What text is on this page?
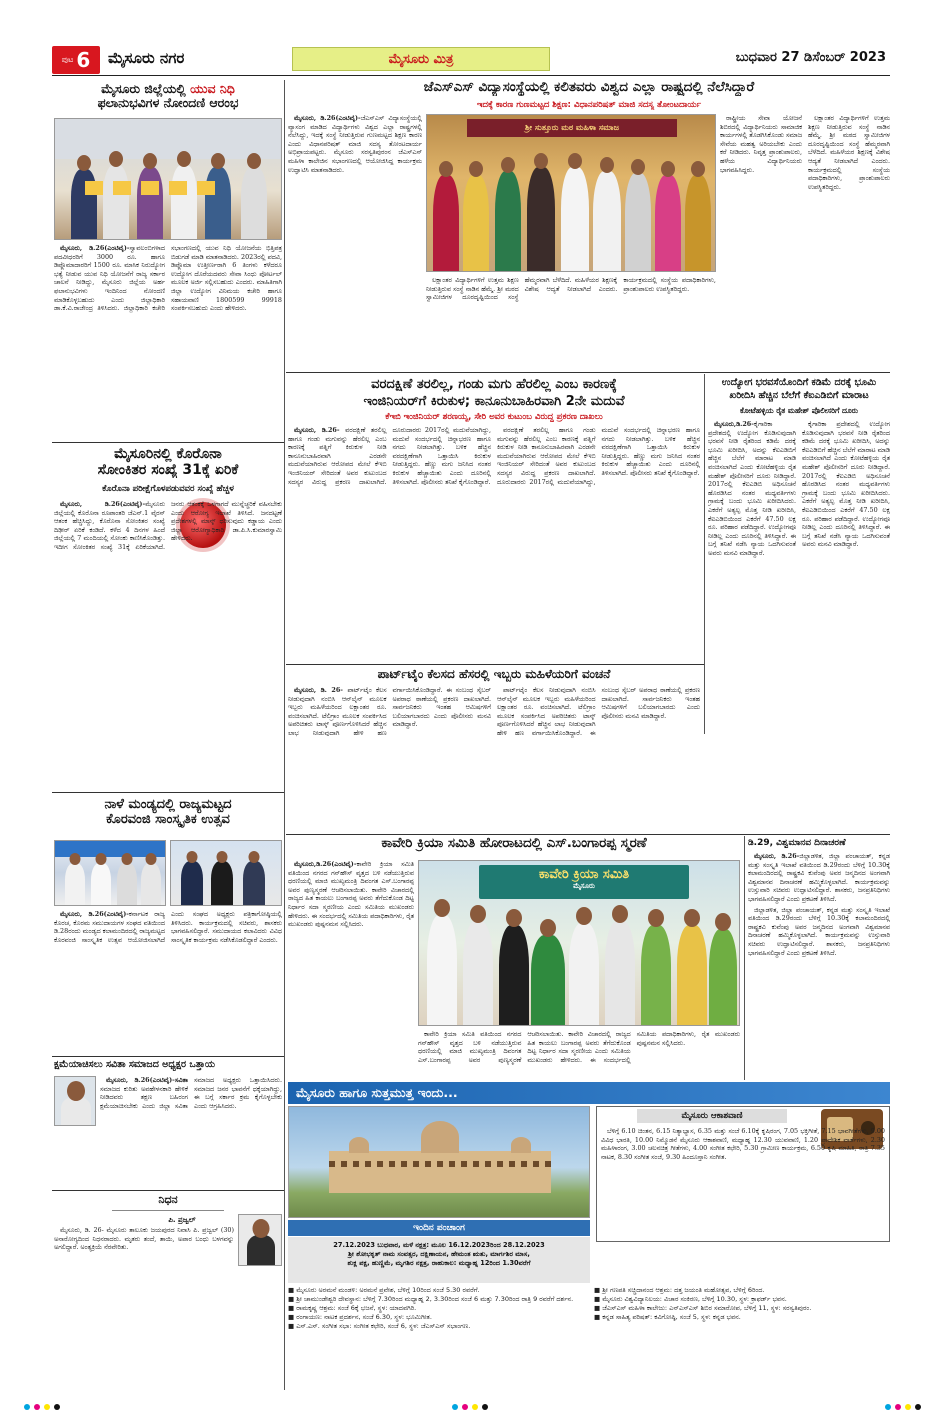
ಪುಟ 6 ಮೈಸೂರು ನಗರ	ಮೈಸೂರು ಮಿತ್ರ	ಬುಧವಾರ 27 ಡಿಸೆಂಬರ್ 2023
ಮೈಸೂರು ಜಿಲ್ಲೆಯಲ್ಲಿ ಯುವ ನಿಧಿ
ಫಲಾನುಭವಿಗಳ ನೋಂದಣಿ ಆರಂಭ

ಮೈಸೂರು, ಡಿ.26(ಎಂಟಿವೈ)-ಸ್ವಾವಲಂಬಿಗಳಾದ ಪದವೀಧರರಿಗೆ 3000 ರೂ. ಹಾಗೂ ಡಿಪ್ಲೊಮಾದಾರರಿಗೆ 1500 ರೂ. ಮಾಸಿಕ ನಿರುದ್ಯೋಗ ಭತ್ಯೆ ನೀಡುವ ಯುವ ನಿಧಿ ಯೋಜನೆಗೆ ರಾಜ್ಯ ಸರ್ಕಾರ ಚಾಲನೆ ನೀಡಿದ್ದು, ಮೈಸೂರು ಜಿಲ್ಲೆಯ ಅರ್ಹ ಫಲಾನುಭವಿಗಳು ಇಂದಿನಿಂದ ನೋಂದಣಿ ಮಾಡಿಕೊಳ್ಳಬಹುದು ಎಂದು ಜಿಲ್ಲಾಧಿಕಾರಿ ಡಾ.ಕೆ.ವಿ.ರಾಜೇಂದ್ರ ತಿಳಿಸಿದರು. ಜಿಲ್ಲಾಧಿಕಾರಿ ಕಚೇರಿ ಸಭಾಂಗಣದಲ್ಲಿ ಯುವ ನಿಧಿ ಯೋಜನೆಯ ಭಿತ್ತಿಪತ್ರ ಬಿಡುಗಡೆ ಮಾಡಿ ಮಾತನಾಡಿದರು. 2023ರಲ್ಲಿ ಪದವಿ, ಡಿಪ್ಲೊಮಾ ಉತ್ತೀರ್ಣರಾಗಿ 6 ತಿಂಗಳು ಕಳೆದರೂ ಉದ್ಯೋಗ ದೊರೆಯದವರು ಸೇವಾ ಸಿಂಧು ಪೋರ್ಟಲ್ ಮೂಲಕ ಅರ್ಜಿ ಸಲ್ಲಿಸಬಹುದು ಎಂದರು. ಮಾಹಿತಿಗಾಗಿ ಜಿಲ್ಲಾ ಉದ್ಯೋಗ ವಿನಿಮಯ ಕಚೇರಿ ಹಾಗೂ ಸಹಾಯವಾಣಿ 1800599 99918 ಸಂಪರ್ಕಿಸಬಹುದು ಎಂದು ಹೇಳಿದರು.

ಮೈಸೂರಿನಲ್ಲಿ ಕೊರೊನಾ
ಸೋಂಕಿತರ ಸಂಖ್ಯೆ 31ಕ್ಕೆ ಏರಿಕೆ
ಕೊರೊನಾ ಪರೀಕ್ಷೆಗೊಳಪಡುವವರ ಸಂಖ್ಯೆ ಹೆಚ್ಚಳ

ಮೈಸೂರು, ಡಿ.26(ಎಂಟಿವೈ)-ಮೈಸೂರು ಜಿಲ್ಲೆಯಲ್ಲಿ ಕೊರೊನಾ ರೂಪಾಂತರಿ ಜೆಎನ್.1 ವೈರಸ್ ಆತಂಕ ಹೆಚ್ಚಿಸಿದ್ದು, ಕೊರೊನಾ ಸೋಂಕಿತರ ಸಂಖ್ಯೆ ದಿಢೀರ್ ಏರಿಕೆ ಕಂಡಿದೆ. ಕಳೆದ 4 ದಿನಗಳ ಹಿಂದೆ ಜಿಲ್ಲೆಯಲ್ಲಿ 7 ಮಂದಿಯಲ್ಲಿ ಸೋಂಕು ಕಾಣಿಸಿಕೊಂಡಿತ್ತು. ಇದೀಗ ಸೋಂಕಿತರ ಸಂಖ್ಯೆ 31ಕ್ಕೆ ಏರಿಕೆಯಾಗಿದೆ. ಜನರು ಆತಂಕಕ್ಕೆ ಒಳಗಾಗದೆ ಮುನ್ನೆಚ್ಚರಿಕೆ ವಹಿಸಬೇಕು ಎಂದು ಆರೋಗ್ಯ ಇಲಾಖೆ ತಿಳಿಸಿದೆ. ಜನದಟ್ಟಣೆ ಪ್ರದೇಶಗಳಲ್ಲಿ ಮಾಸ್ಕ್ ಧರಿಸುವುದು ಕಡ್ಡಾಯ ಎಂದು ಜಿಲ್ಲಾ ಆರೋಗ್ಯಾಧಿಕಾರಿ ಡಾ.ಪಿ.ಸಿ.ಕುಮಾರಸ್ವಾಮಿ ಹೇಳಿದರು.

ನಾಳೆ ಮಂಡ್ಯದಲ್ಲಿ ರಾಜ್ಯಮಟ್ಟದ
ಕೊರವಂಜಿ ಸಾಂಸ್ಕೃತಿಕ ಉತ್ಸವ

ಮೈಸೂರು, ಡಿ.26(ಎಂಟಿವೈ)-ಕರ್ನಾಟಕ ರಾಜ್ಯ ಕೊರಚ, ಕೊರಮ ಸಮುದಾಯಗಳ ಸಂಘದ ವತಿಯಿಂದ ಡಿ.28ರಂದು ಮಂಡ್ಯದ ಕಲಾಮಂದಿರದಲ್ಲಿ ರಾಜ್ಯಮಟ್ಟದ ಕೊರವಂಜಿ ಸಾಂಸ್ಕೃತಿಕ ಉತ್ಸವ ಆಯೋಜಿಸಲಾಗಿದೆ ಎಂದು ಸಂಘದ ಅಧ್ಯಕ್ಷರು ಪತ್ರಿಕಾಗೋಷ್ಠಿಯಲ್ಲಿ ತಿಳಿಸಿದರು. ಕಾರ್ಯಕ್ರಮದಲ್ಲಿ ಸಚಿವರು, ಶಾಸಕರು ಭಾಗವಹಿಸಲಿದ್ದಾರೆ. ಸಮುದಾಯದ ಕಲಾವಿದರು ವಿವಿಧ ಸಾಂಸ್ಕೃತಿಕ ಕಾರ್ಯಕ್ರಮ ನಡೆಸಿಕೊಡಲಿದ್ದಾರೆ ಎಂದರು.

ಕ್ಷಮೆಯಾಚಿಸಲು ಸವಿತಾ ಸಮಾಜದ ಅಧ್ಯಕ್ಷರ ಒತ್ತಾಯ

ಮೈಸೂರು, ಡಿ.26(ಎಂಟಿವೈ)-ಸವಿತಾ ಸಮಾಜದ ಕುರಿತು ಅವಹೇಳನಕಾರಿ ಹೇಳಿಕೆ ನೀಡಿದವರು ತಕ್ಷಣ ಬಹಿರಂಗ ಕ್ಷಮೆಯಾಚಿಸಬೇಕು ಎಂದು ಜಿಲ್ಲಾ ಸವಿತಾ ಸಮಾಜದ ಅಧ್ಯಕ್ಷರು ಒತ್ತಾಯಿಸಿದರು. ಸಮಾಜದ ಜನರ ಭಾವನೆಗೆ ಧಕ್ಕೆಯಾಗಿದ್ದು, ಈ ಬಗ್ಗೆ ಸರ್ಕಾರ ಕ್ರಮ ಕೈಗೊಳ್ಳಬೇಕು ಎಂದು ಆಗ್ರಹಿಸಿದರು.

ನಿಧನ
ಪಿ. ಪ್ರಜ್ವಲ್

ಮೈಸೂರು, ಡಿ. 26- ಮೈಸೂರು ತಾಲೂಕು ಜಯಪುರದ ನಿವಾಸಿ ಪಿ. ಪ್ರಜ್ವಲ್ (30) ಅನಾರೋಗ್ಯದಿಂದ ನಿಧನರಾದರು. ಮೃತರು ತಂದೆ, ತಾಯಿ, ಅಪಾರ ಬಂಧು ಬಳಗವನ್ನು ಅಗಲಿದ್ದಾರೆ. ಅಂತ್ಯಕ್ರಿಯೆ ನೆರವೇರಿತು.

ಜೆಎಸ್ಎಸ್ ವಿದ್ಯಾಸಂಸ್ಥೆಯಲ್ಲಿ ಕಲಿತವರು ವಿಶ್ವದ ಎಲ್ಲಾ ರಾಷ್ಟ್ರದಲ್ಲಿ ನೆಲೆಸಿದ್ದಾರೆ
ಇದಕ್ಕೆ ಕಾರಣ ಗುಣಮಟ್ಟದ ಶಿಕ್ಷಣ: ವಿಧಾನಪರಿಷತ್ ಮಾಜಿ ಸದಸ್ಯ ತೋಂಟದಾರ್ಯ

ಮೈಸೂರು, ಡಿ.26(ಎಂಟಿವೈ)-ಜೆಎಸ್ಎಸ್ ವಿದ್ಯಾಸಂಸ್ಥೆಯಲ್ಲಿ ವ್ಯಾಸಂಗ ಮಾಡಿದ ವಿದ್ಯಾರ್ಥಿಗಳು ವಿಶ್ವದ ಎಲ್ಲಾ ರಾಷ್ಟ್ರಗಳಲ್ಲಿ ನೆಲೆಸಿದ್ದು, ಇದಕ್ಕೆ ಸಂಸ್ಥೆ ನೀಡುತ್ತಿರುವ ಗುಣಮಟ್ಟದ ಶಿಕ್ಷಣ ಕಾರಣ ಎಂದು ವಿಧಾನಪರಿಷತ್ ಮಾಜಿ ಸದಸ್ಯ ತೋಂಟದಾರ್ಯ ಅಭಿಪ್ರಾಯಪಟ್ಟರು. ಮೈಸೂರು ಸರಸ್ವತಿಪುರಂನ ಜೆಎಸ್ಎಸ್ ಮಹಿಳಾ ಕಾಲೇಜಿನ ಸಭಾಂಗಣದಲ್ಲಿ ಆಯೋಜಿಸಿದ್ದ ಕಾರ್ಯಕ್ರಮ ಉದ್ಘಾಟಿಸಿ ಮಾತನಾಡಿದರು.

ಶ್ರೀ ಸುತ್ತೂರು ಮಠ ಮಹಿಳಾ ಸಮಾಜ

ರಾಷ್ಟ್ರೀಯ ಸೇವಾ ಯೋಜನೆ ಶಿಬಿರದಲ್ಲಿ ವಿದ್ಯಾರ್ಥಿನಿಯರು ಸಾಮಾಜಿಕ ಕಾರ್ಯಗಳಲ್ಲಿ ತೊಡಗಿಸಿಕೊಂಡು ಸಮಾಜ ಸೇವೆಯ ಮಹತ್ವ ಅರಿಯಬೇಕು ಎಂದು ಕರೆ ನೀಡಿದರು. ನಿವೃತ್ತ ಪ್ರಾಂಶುಪಾಲರು, ಹಳೆಯ ವಿದ್ಯಾರ್ಥಿನಿಯರು ಭಾಗವಹಿಸಿದ್ದರು.

ಲಕ್ಷಾಂತರ ವಿದ್ಯಾರ್ಥಿಗಳಿಗೆ ಉತ್ತಮ ಶಿಕ್ಷಣ ನೀಡುತ್ತಿರುವ ಸಂಸ್ಥೆ ನಾಡಿನ ಹೆಮ್ಮೆ. ಶ್ರೀ ಮಠದ ಸ್ವಾಮೀಜಿಗಳ ದೂರದೃಷ್ಟಿಯಿಂದ ಸಂಸ್ಥೆ ಹೆಮ್ಮರವಾಗಿ ಬೆಳೆದಿದೆ. ಮಹಿಳೆಯರ ಶಿಕ್ಷಣಕ್ಕೆ ವಿಶೇಷ ಆದ್ಯತೆ ನೀಡಲಾಗಿದೆ ಎಂದರು. ಕಾರ್ಯಕ್ರಮದಲ್ಲಿ ಸಂಸ್ಥೆಯ ಪದಾಧಿಕಾರಿಗಳು, ಪ್ರಾಂಶುಪಾಲರು ಉಪಸ್ಥಿತರಿದ್ದರು.

ಲಕ್ಷಾಂತರ ವಿದ್ಯಾರ್ಥಿಗಳಿಗೆ ಉತ್ತಮ ಶಿಕ್ಷಣ ನೀಡುತ್ತಿರುವ ಸಂಸ್ಥೆ ನಾಡಿನ ಹೆಮ್ಮೆ. ಶ್ರೀ ಮಠದ ಸ್ವಾಮೀಜಿಗಳ ದೂರದೃಷ್ಟಿಯಿಂದ ಸಂಸ್ಥೆ ಹೆಮ್ಮರವಾಗಿ ಬೆಳೆದಿದೆ. ಮಹಿಳೆಯರ ಶಿಕ್ಷಣಕ್ಕೆ ವಿಶೇಷ ಆದ್ಯತೆ ನೀಡಲಾಗಿದೆ ಎಂದರು. ಕಾರ್ಯಕ್ರಮದಲ್ಲಿ ಸಂಸ್ಥೆಯ ಪದಾಧಿಕಾರಿಗಳು, ಪ್ರಾಂಶುಪಾಲರು ಉಪಸ್ಥಿತರಿದ್ದರು.

ವರದಕ್ಷಿಣೆ ತರಲಿಲ್ಲ, ಗಂಡು ಮಗು ಹೆರಲಿಲ್ಲ ಎಂಬ ಕಾರಣಕ್ಕೆ
ಇಂಜಿನಿಯರ್‌ಗೆ ಕಿರುಕುಳ; ಕಾನೂನುಬಾಹಿರವಾಗಿ 2ನೇ ಮದುವೆ
ಕೆಇಬಿ ಇಂಜಿನಿಯರ್ ಶರಣಯ್ಯ, ಸೇರಿ ಅವರ ಕುಟುಂಬ ವಿರುದ್ಧ ಪ್ರಕರಣ ದಾಖಲು

ಮೈಸೂರು, ಡಿ.26- ವರದಕ್ಷಿಣೆ ತರಲಿಲ್ಲ ಹಾಗೂ ಗಂಡು ಮಗುವನ್ನು ಹೆರಲಿಲ್ಲ ಎಂಬ ಕಾರಣಕ್ಕೆ ಪತ್ನಿಗೆ ಕಿರುಕುಳ ನೀಡಿ ಕಾನೂನುಬಾಹಿರವಾಗಿ ಎರಡನೇ ಮದುವೆಯಾಗಿರುವ ಆರೋಪದ ಮೇಲೆ ಕೆಇಬಿ ಇಂಜಿನಿಯರ್ ಸೇರಿದಂತೆ ಅವರ ಕುಟುಂಬದ ಸದಸ್ಯರ ವಿರುದ್ಧ ಪ್ರಕರಣ ದಾಖಲಾಗಿದೆ. ದೂರುದಾರರು 2017ರಲ್ಲಿ ಮದುವೆಯಾಗಿದ್ದು, ಮದುವೆ ಸಂದರ್ಭದಲ್ಲಿ ಚಿನ್ನಾಭರಣ ಹಾಗೂ ನಗದು ನೀಡಲಾಗಿತ್ತು. ಬಳಿಕ ಹೆಚ್ಚಿನ ವರದಕ್ಷಿಣೆಗಾಗಿ ಒತ್ತಾಯಿಸಿ ಕಿರುಕುಳ ನೀಡುತ್ತಿದ್ದರು. ಹೆಣ್ಣು ಮಗು ಜನಿಸಿದ ನಂತರ ಕಿರುಕುಳ ಹೆಚ್ಚಾಯಿತು ಎಂದು ದೂರಿನಲ್ಲಿ ತಿಳಿಸಲಾಗಿದೆ. ಪೊಲೀಸರು ತನಿಖೆ ಕೈಗೊಂಡಿದ್ದಾರೆ.

ವರದಕ್ಷಿಣೆ ತರಲಿಲ್ಲ ಹಾಗೂ ಗಂಡು ಮಗುವನ್ನು ಹೆರಲಿಲ್ಲ ಎಂಬ ಕಾರಣಕ್ಕೆ ಪತ್ನಿಗೆ ಕಿರುಕುಳ ನೀಡಿ ಕಾನೂನುಬಾಹಿರವಾಗಿ ಎರಡನೇ ಮದುವೆಯಾಗಿರುವ ಆರೋಪದ ಮೇಲೆ ಕೆಇಬಿ ಇಂಜಿನಿಯರ್ ಸೇರಿದಂತೆ ಅವರ ಕುಟುಂಬದ ಸದಸ್ಯರ ವಿರುದ್ಧ ಪ್ರಕರಣ ದಾಖಲಾಗಿದೆ. ದೂರುದಾರರು 2017ರಲ್ಲಿ ಮದುವೆಯಾಗಿದ್ದು, ಮದುವೆ ಸಂದರ್ಭದಲ್ಲಿ ಚಿನ್ನಾಭರಣ ಹಾಗೂ ನಗದು ನೀಡಲಾಗಿತ್ತು. ಬಳಿಕ ಹೆಚ್ಚಿನ ವರದಕ್ಷಿಣೆಗಾಗಿ ಒತ್ತಾಯಿಸಿ ಕಿರುಕುಳ ನೀಡುತ್ತಿದ್ದರು. ಹೆಣ್ಣು ಮಗು ಜನಿಸಿದ ನಂತರ ಕಿರುಕುಳ ಹೆಚ್ಚಾಯಿತು ಎಂದು ದೂರಿನಲ್ಲಿ ತಿಳಿಸಲಾಗಿದೆ. ಪೊಲೀಸರು ತನಿಖೆ ಕೈಗೊಂಡಿದ್ದಾರೆ.

ಪಾರ್ಟ್‌ಟೈಂ ಕೆಲಸದ ಹೆಸರಲ್ಲಿ ಇಬ್ಬರು ಮಹಿಳೆಯರಿಗೆ ವಂಚನೆ

ಮೈಸೂರು, ಡಿ. 26- ಪಾರ್ಟ್‌ಟೈಂ ಕೆಲಸ ನೀಡುವುದಾಗಿ ನಂಬಿಸಿ ಆನ್‌ಲೈನ್ ಮೂಲಕ ಇಬ್ಬರು ಮಹಿಳೆಯರಿಂದ ಲಕ್ಷಾಂತರ ರೂ. ವಂಚಿಸಲಾಗಿದೆ. ಟೆಲಿಗ್ರಾಂ ಮೂಲಕ ಸಂಪರ್ಕಿಸಿದ ಅಪರಿಚಿತರು ಟಾಸ್ಕ್ ಪೂರ್ಣಗೊಳಿಸಿದರೆ ಹೆಚ್ಚಿನ ಲಾಭ ನೀಡುವುದಾಗಿ ಹೇಳಿ ಹಣ ವರ್ಗಾಯಿಸಿಕೊಂಡಿದ್ದಾರೆ. ಈ ಸಂಬಂಧ ಸೈಬರ್ ಅಪರಾಧ ಠಾಣೆಯಲ್ಲಿ ಪ್ರಕರಣ ದಾಖಲಾಗಿದೆ. ಸಾರ್ವಜನಿಕರು ಇಂತಹ ಆಮಿಷಗಳಿಗೆ ಬಲಿಯಾಗಬಾರದು ಎಂದು ಪೊಲೀಸರು ಮನವಿ ಮಾಡಿದ್ದಾರೆ.

ಪಾರ್ಟ್‌ಟೈಂ ಕೆಲಸ ನೀಡುವುದಾಗಿ ನಂಬಿಸಿ ಆನ್‌ಲೈನ್ ಮೂಲಕ ಇಬ್ಬರು ಮಹಿಳೆಯರಿಂದ ಲಕ್ಷಾಂತರ ರೂ. ವಂಚಿಸಲಾಗಿದೆ. ಟೆಲಿಗ್ರಾಂ ಮೂಲಕ ಸಂಪರ್ಕಿಸಿದ ಅಪರಿಚಿತರು ಟಾಸ್ಕ್ ಪೂರ್ಣಗೊಳಿಸಿದರೆ ಹೆಚ್ಚಿನ ಲಾಭ ನೀಡುವುದಾಗಿ ಹೇಳಿ ಹಣ ವರ್ಗಾಯಿಸಿಕೊಂಡಿದ್ದಾರೆ. ಈ ಸಂಬಂಧ ಸೈಬರ್ ಅಪರಾಧ ಠಾಣೆಯಲ್ಲಿ ಪ್ರಕರಣ ದಾಖಲಾಗಿದೆ. ಸಾರ್ವಜನಿಕರು ಇಂತಹ ಆಮಿಷಗಳಿಗೆ ಬಲಿಯಾಗಬಾರದು ಎಂದು ಪೊಲೀಸರು ಮನವಿ ಮಾಡಿದ್ದಾರೆ.

ಉದ್ಯೋಗ ಭರವಸೆಯೊಂದಿಗೆ ಕಡಿಮೆ ದರಕ್ಕೆ ಭೂಮಿ
ಖರೀದಿಸಿ ಹೆಚ್ಚಿನ ಬೆಲೆಗೆ ಕೆಐಎಡಿಬಿಗೆ ಮಾರಾಟ
ಕೋಟೆಹಳ್ಳಿಯ ರೈತ ಮಹೇಶ್ ಪೊಲೀಸರಿಗೆ ದೂರು

ಮೈಸೂರು,ಡಿ.26-ಕೈಗಾರಿಕಾ ಪ್ರದೇಶದಲ್ಲಿ ಉದ್ಯೋಗ ಕೊಡಿಸುವುದಾಗಿ ಭರವಸೆ ನೀಡಿ ರೈತರಿಂದ ಕಡಿಮೆ ದರಕ್ಕೆ ಭೂಮಿ ಖರೀದಿಸಿ, ಅದನ್ನು ಕೆಐಎಡಿಬಿಗೆ ಹೆಚ್ಚಿನ ಬೆಲೆಗೆ ಮಾರಾಟ ಮಾಡಿ ವಂಚಿಸಲಾಗಿದೆ ಎಂದು ಕೋಟೆಹಳ್ಳಿಯ ರೈತ ಮಹೇಶ್ ಪೊಲೀಸರಿಗೆ ದೂರು ನೀಡಿದ್ದಾರೆ. 2017ರಲ್ಲಿ ಕೆಐಎಡಿಬಿ ಅಧಿಸೂಚನೆ ಹೊರಡಿಸಿದ ನಂತರ ಮಧ್ಯವರ್ತಿಗಳು ಗ್ರಾಮಕ್ಕೆ ಬಂದು ಭೂಮಿ ಖರೀದಿಸಿದರು. ಎಕರೆಗೆ ಅತ್ಯಲ್ಪ ಮೊತ್ತ ನೀಡಿ ಖರೀದಿಸಿ, ಕೆಐಎಡಿಬಿಯಿಂದ ಎಕರೆಗೆ 47.50 ಲಕ್ಷ ರೂ. ಪರಿಹಾರ ಪಡೆದಿದ್ದಾರೆ. ಉದ್ಯೋಗವೂ ನೀಡಿಲ್ಲ ಎಂದು ದೂರಿನಲ್ಲಿ ತಿಳಿಸಿದ್ದಾರೆ. ಈ ಬಗ್ಗೆ ತನಿಖೆ ನಡೆಸಿ ನ್ಯಾಯ ಒದಗಿಸುವಂತೆ ಅವರು ಮನವಿ ಮಾಡಿದ್ದಾರೆ.

ಕೈಗಾರಿಕಾ ಪ್ರದೇಶದಲ್ಲಿ ಉದ್ಯೋಗ ಕೊಡಿಸುವುದಾಗಿ ಭರವಸೆ ನೀಡಿ ರೈತರಿಂದ ಕಡಿಮೆ ದರಕ್ಕೆ ಭೂಮಿ ಖರೀದಿಸಿ, ಅದನ್ನು ಕೆಐಎಡಿಬಿಗೆ ಹೆಚ್ಚಿನ ಬೆಲೆಗೆ ಮಾರಾಟ ಮಾಡಿ ವಂಚಿಸಲಾಗಿದೆ ಎಂದು ಕೋಟೆಹಳ್ಳಿಯ ರೈತ ಮಹೇಶ್ ಪೊಲೀಸರಿಗೆ ದೂರು ನೀಡಿದ್ದಾರೆ. 2017ರಲ್ಲಿ ಕೆಐಎಡಿಬಿ ಅಧಿಸೂಚನೆ ಹೊರಡಿಸಿದ ನಂತರ ಮಧ್ಯವರ್ತಿಗಳು ಗ್ರಾಮಕ್ಕೆ ಬಂದು ಭೂಮಿ ಖರೀದಿಸಿದರು. ಎಕರೆಗೆ ಅತ್ಯಲ್ಪ ಮೊತ್ತ ನೀಡಿ ಖರೀದಿಸಿ, ಕೆಐಎಡಿಬಿಯಿಂದ ಎಕರೆಗೆ 47.50 ಲಕ್ಷ ರೂ. ಪರಿಹಾರ ಪಡೆದಿದ್ದಾರೆ. ಉದ್ಯೋಗವೂ ನೀಡಿಲ್ಲ ಎಂದು ದೂರಿನಲ್ಲಿ ತಿಳಿಸಿದ್ದಾರೆ. ಈ ಬಗ್ಗೆ ತನಿಖೆ ನಡೆಸಿ ನ್ಯಾಯ ಒದಗಿಸುವಂತೆ ಅವರು ಮನವಿ ಮಾಡಿದ್ದಾರೆ.

ಕಾವೇರಿ ಕ್ರಿಯಾ ಸಮಿತಿ ಹೋರಾಟದಲ್ಲಿ ಎಸ್.ಬಂಗಾರಪ್ಪ ಸ್ಮರಣೆ

ಮೈಸೂರು,ಡಿ.26(ಎಂಟಿವೈ)-ಕಾವೇರಿ ಕ್ರಿಯಾ ಸಮಿತಿ ವತಿಯಿಂದ ನಗರದ ಗನ್‌ಹೌಸ್ ವೃತ್ತದ ಬಳಿ ನಡೆಯುತ್ತಿರುವ ಧರಣಿಯಲ್ಲಿ ಮಾಜಿ ಮುಖ್ಯಮಂತ್ರಿ ದಿವಂಗತ ಎಸ್.ಬಂಗಾರಪ್ಪ ಅವರ ಪುಣ್ಯಸ್ಮರಣೆ ಆಚರಿಸಲಾಯಿತು. ಕಾವೇರಿ ವಿಚಾರದಲ್ಲಿ ರಾಜ್ಯದ ಹಿತ ಕಾಯಲು ಬಂಗಾರಪ್ಪ ಅವರು ತೆಗೆದುಕೊಂಡ ದಿಟ್ಟ ನಿರ್ಧಾರ ಸದಾ ಸ್ಮರಣೀಯ ಎಂದು ಸಮಿತಿಯ ಮುಖಂಡರು ಹೇಳಿದರು. ಈ ಸಂದರ್ಭದಲ್ಲಿ ಸಮಿತಿಯ ಪದಾಧಿಕಾರಿಗಳು, ರೈತ ಮುಖಂಡರು ಪುಷ್ಪನಮನ ಸಲ್ಲಿಸಿದರು.

ಕಾವೇರಿ ಕ್ರಿಯಾ ಸಮಿತಿ
ಮೈಸೂರು

ಕಾವೇರಿ ಕ್ರಿಯಾ ಸಮಿತಿ ವತಿಯಿಂದ ನಗರದ ಗನ್‌ಹೌಸ್ ವೃತ್ತದ ಬಳಿ ನಡೆಯುತ್ತಿರುವ ಧರಣಿಯಲ್ಲಿ ಮಾಜಿ ಮುಖ್ಯಮಂತ್ರಿ ದಿವಂಗತ ಎಸ್.ಬಂಗಾರಪ್ಪ ಅವರ ಪುಣ್ಯಸ್ಮರಣೆ ಆಚರಿಸಲಾಯಿತು. ಕಾವೇರಿ ವಿಚಾರದಲ್ಲಿ ರಾಜ್ಯದ ಹಿತ ಕಾಯಲು ಬಂಗಾರಪ್ಪ ಅವರು ತೆಗೆದುಕೊಂಡ ದಿಟ್ಟ ನಿರ್ಧಾರ ಸದಾ ಸ್ಮರಣೀಯ ಎಂದು ಸಮಿತಿಯ ಮುಖಂಡರು ಹೇಳಿದರು. ಈ ಸಂದರ್ಭದಲ್ಲಿ ಸಮಿತಿಯ ಪದಾಧಿಕಾರಿಗಳು, ರೈತ ಮುಖಂಡರು ಪುಷ್ಪನಮನ ಸಲ್ಲಿಸಿದರು.

ಡಿ.29, ವಿಶ್ವಮಾನವ ದಿನಾಚರಣೆ

ಮೈಸೂರು, ಡಿ.26-ಜಿಲ್ಲಾಡಳಿತ, ಜಿಲ್ಲಾ ಪಂಚಾಯತ್, ಕನ್ನಡ ಮತ್ತು ಸಂಸ್ಕೃತಿ ಇಲಾಖೆ ವತಿಯಿಂದ ಡಿ.29ರಂದು ಬೆಳಿಗ್ಗೆ 10.30ಕ್ಕೆ ಕಲಾಮಂದಿರದಲ್ಲಿ ರಾಷ್ಟ್ರಕವಿ ಕುವೆಂಪು ಅವರ ಜನ್ಮದಿನದ ಅಂಗವಾಗಿ ವಿಶ್ವಮಾನವ ದಿನಾಚರಣೆ ಹಮ್ಮಿಕೊಳ್ಳಲಾಗಿದೆ. ಕಾರ್ಯಕ್ರಮವನ್ನು ಉಸ್ತುವಾರಿ ಸಚಿವರು ಉದ್ಘಾಟಿಸಲಿದ್ದಾರೆ. ಶಾಸಕರು, ಜನಪ್ರತಿನಿಧಿಗಳು ಭಾಗವಹಿಸಲಿದ್ದಾರೆ ಎಂದು ಪ್ರಕಟಣೆ ತಿಳಿಸಿದೆ.

ಜಿಲ್ಲಾಡಳಿತ, ಜಿಲ್ಲಾ ಪಂಚಾಯತ್, ಕನ್ನಡ ಮತ್ತು ಸಂಸ್ಕೃತಿ ಇಲಾಖೆ ವತಿಯಿಂದ ಡಿ.29ರಂದು ಬೆಳಿಗ್ಗೆ 10.30ಕ್ಕೆ ಕಲಾಮಂದಿರದಲ್ಲಿ ರಾಷ್ಟ್ರಕವಿ ಕುವೆಂಪು ಅವರ ಜನ್ಮದಿನದ ಅಂಗವಾಗಿ ವಿಶ್ವಮಾನವ ದಿನಾಚರಣೆ ಹಮ್ಮಿಕೊಳ್ಳಲಾಗಿದೆ. ಕಾರ್ಯಕ್ರಮವನ್ನು ಉಸ್ತುವಾರಿ ಸಚಿವರು ಉದ್ಘಾಟಿಸಲಿದ್ದಾರೆ. ಶಾಸಕರು, ಜನಪ್ರತಿನಿಧಿಗಳು ಭಾಗವಹಿಸಲಿದ್ದಾರೆ ಎಂದು ಪ್ರಕಟಣೆ ತಿಳಿಸಿದೆ.

ಮೈಸೂರು ಹಾಗೂ ಸುತ್ತಮುತ್ತ ಇಂದು...
ಮೈಸೂರು ಆಕಾಶವಾಣಿ

ಬೆಳಿಗ್ಗೆ 6.10 ಚಿಂತನ, 6.15 ನಿತ್ಯಾಭ್ಯಾಸ, 6.35 ಮತ್ತು ಸಂಜೆ 6.10ಕ್ಕೆ ಕೃಷಿರಂಗ, 7.05 ಭಕ್ತಿಗೀತೆ, 7.15 ಭಾವಗೀತೆಗಳು, 9.00 ವಿವಿಧ ಭಾರತಿ, 10.00 ನಿಮ್ಮೊಡನೆ ಮೈಸೂರು ಆಕಾಶವಾಣಿ, ಮಧ್ಯಾಹ್ನ 12.30 ಯುವವಾಣಿ, 1.20 ಪ್ರಾದೇಶಿಕ ವಾರ್ತೆಗಳು, 2.30 ಮಹಿಳಾರಂಗ, 3.00 ಚಲನಚಿತ್ರ ಗೀತೆಗಳು, 4.00 ಸಂಗೀತ ಕಛೇರಿ, 5.30 ಗ್ರಾಮೀಣ ಕಾರ್ಯಕ್ರಮ, 6.50 ಕೃಷಿ ಮಾಹಿತಿ, ರಾತ್ರಿ 7.35 ನಾಟಕ, 8.30 ಸಂಗೀತ ಸಂಜೆ, 9.30 ಹಿಂದೂಸ್ತಾನಿ ಸಂಗೀತ.

ಇಂದಿನ ಪಂಚಾಂಗ
27.12.2023 ಬುಧವಾರ, ಮಳೆ ನಕ್ಷತ್ರ: ಮೂಲ 16.12.2023ರಿಂದ 28.12.2023
ಶ್ರೀ ಶೋಭಕೃತ್ ನಾಮ ಸಂವತ್ಸರ, ದಕ್ಷಿಣಾಯನ, ಹೇಮಂತ ಋತು, ಮಾರ್ಗಶಿರ ಮಾಸ,
ಶುಕ್ಲ ಪಕ್ಷ, ಹುಣ್ಣಿಮೆ, ಮೃಗಶಿರ ನಕ್ಷತ್ರ, ರಾಹುಕಾಲ: ಮಧ್ಯಾಹ್ನ 12ರಿಂದ 1.30ವರೆಗೆ
■ ಮೈಸೂರು ಅರಮನೆ ಮಂಡಳಿ: ಅರಮನೆ ಪ್ರವೇಶ, ಬೆಳಿಗ್ಗೆ 10ರಿಂದ ಸಂಜೆ 5.30 ರವರೆಗೆ.
■ ಶ್ರೀ ಚಾಮುಂಡೇಶ್ವರಿ ದೇವಸ್ಥಾನ: ಬೆಳಿಗ್ಗೆ 7.30ರಿಂದ ಮಧ್ಯಾಹ್ನ 2, 3.30ರಿಂದ ಸಂಜೆ 6 ಮತ್ತು 7.30ರಿಂದ ರಾತ್ರಿ 9 ರವರೆಗೆ ದರ್ಶನ.
■ ರಾಮಕೃಷ್ಣ ಆಶ್ರಮ: ಸಂಜೆ 6ಕ್ಕೆ ಭಜನೆ, ಸ್ಥಳ: ಯಾದವಗಿರಿ.
■ ರಂಗಾಯಣ: ನಾಟಕ ಪ್ರದರ್ಶನ, ಸಂಜೆ 6.30, ಸ್ಥಳ: ಭೂಮಿಗೀತ.
■ ಎಸ್.ಎಸ್. ಸಂಗೀತ ಸಭಾ: ಸಂಗೀತ ಕಛೇರಿ, ಸಂಜೆ 6, ಸ್ಥಳ: ಜೆಎಸ್ಎಸ್ ಸಭಾಂಗಣ.
■ ಶ್ರೀ ಗಣಪತಿ ಸಚ್ಚಿದಾನಂದ ಆಶ್ರಮ: ದತ್ತ ಜಯಂತಿ ಮಹೋತ್ಸವ, ಬೆಳಿಗ್ಗೆ 6ರಿಂದ.
■ ಮೈಸೂರು ವಿಶ್ವವಿದ್ಯಾನಿಲಯ: ವಿಚಾರ ಸಂಕಿರಣ, ಬೆಳಿಗ್ಗೆ 10.30, ಸ್ಥಳ: ಕ್ರಾಫರ್ಡ್ ಭವನ.
■ ಜೆಎಸ್ಎಸ್ ಮಹಿಳಾ ಕಾಲೇಜು: ಎನ್ಎಸ್ಎಸ್ ಶಿಬಿರ ಸಮಾರೋಪ, ಬೆಳಿಗ್ಗೆ 11, ಸ್ಥಳ: ಸರಸ್ವತಿಪುರಂ.
■ ಕನ್ನಡ ಸಾಹಿತ್ಯ ಪರಿಷತ್: ಕವಿಗೋಷ್ಠಿ, ಸಂಜೆ 5, ಸ್ಥಳ: ಕನ್ನಡ ಭವನ.
